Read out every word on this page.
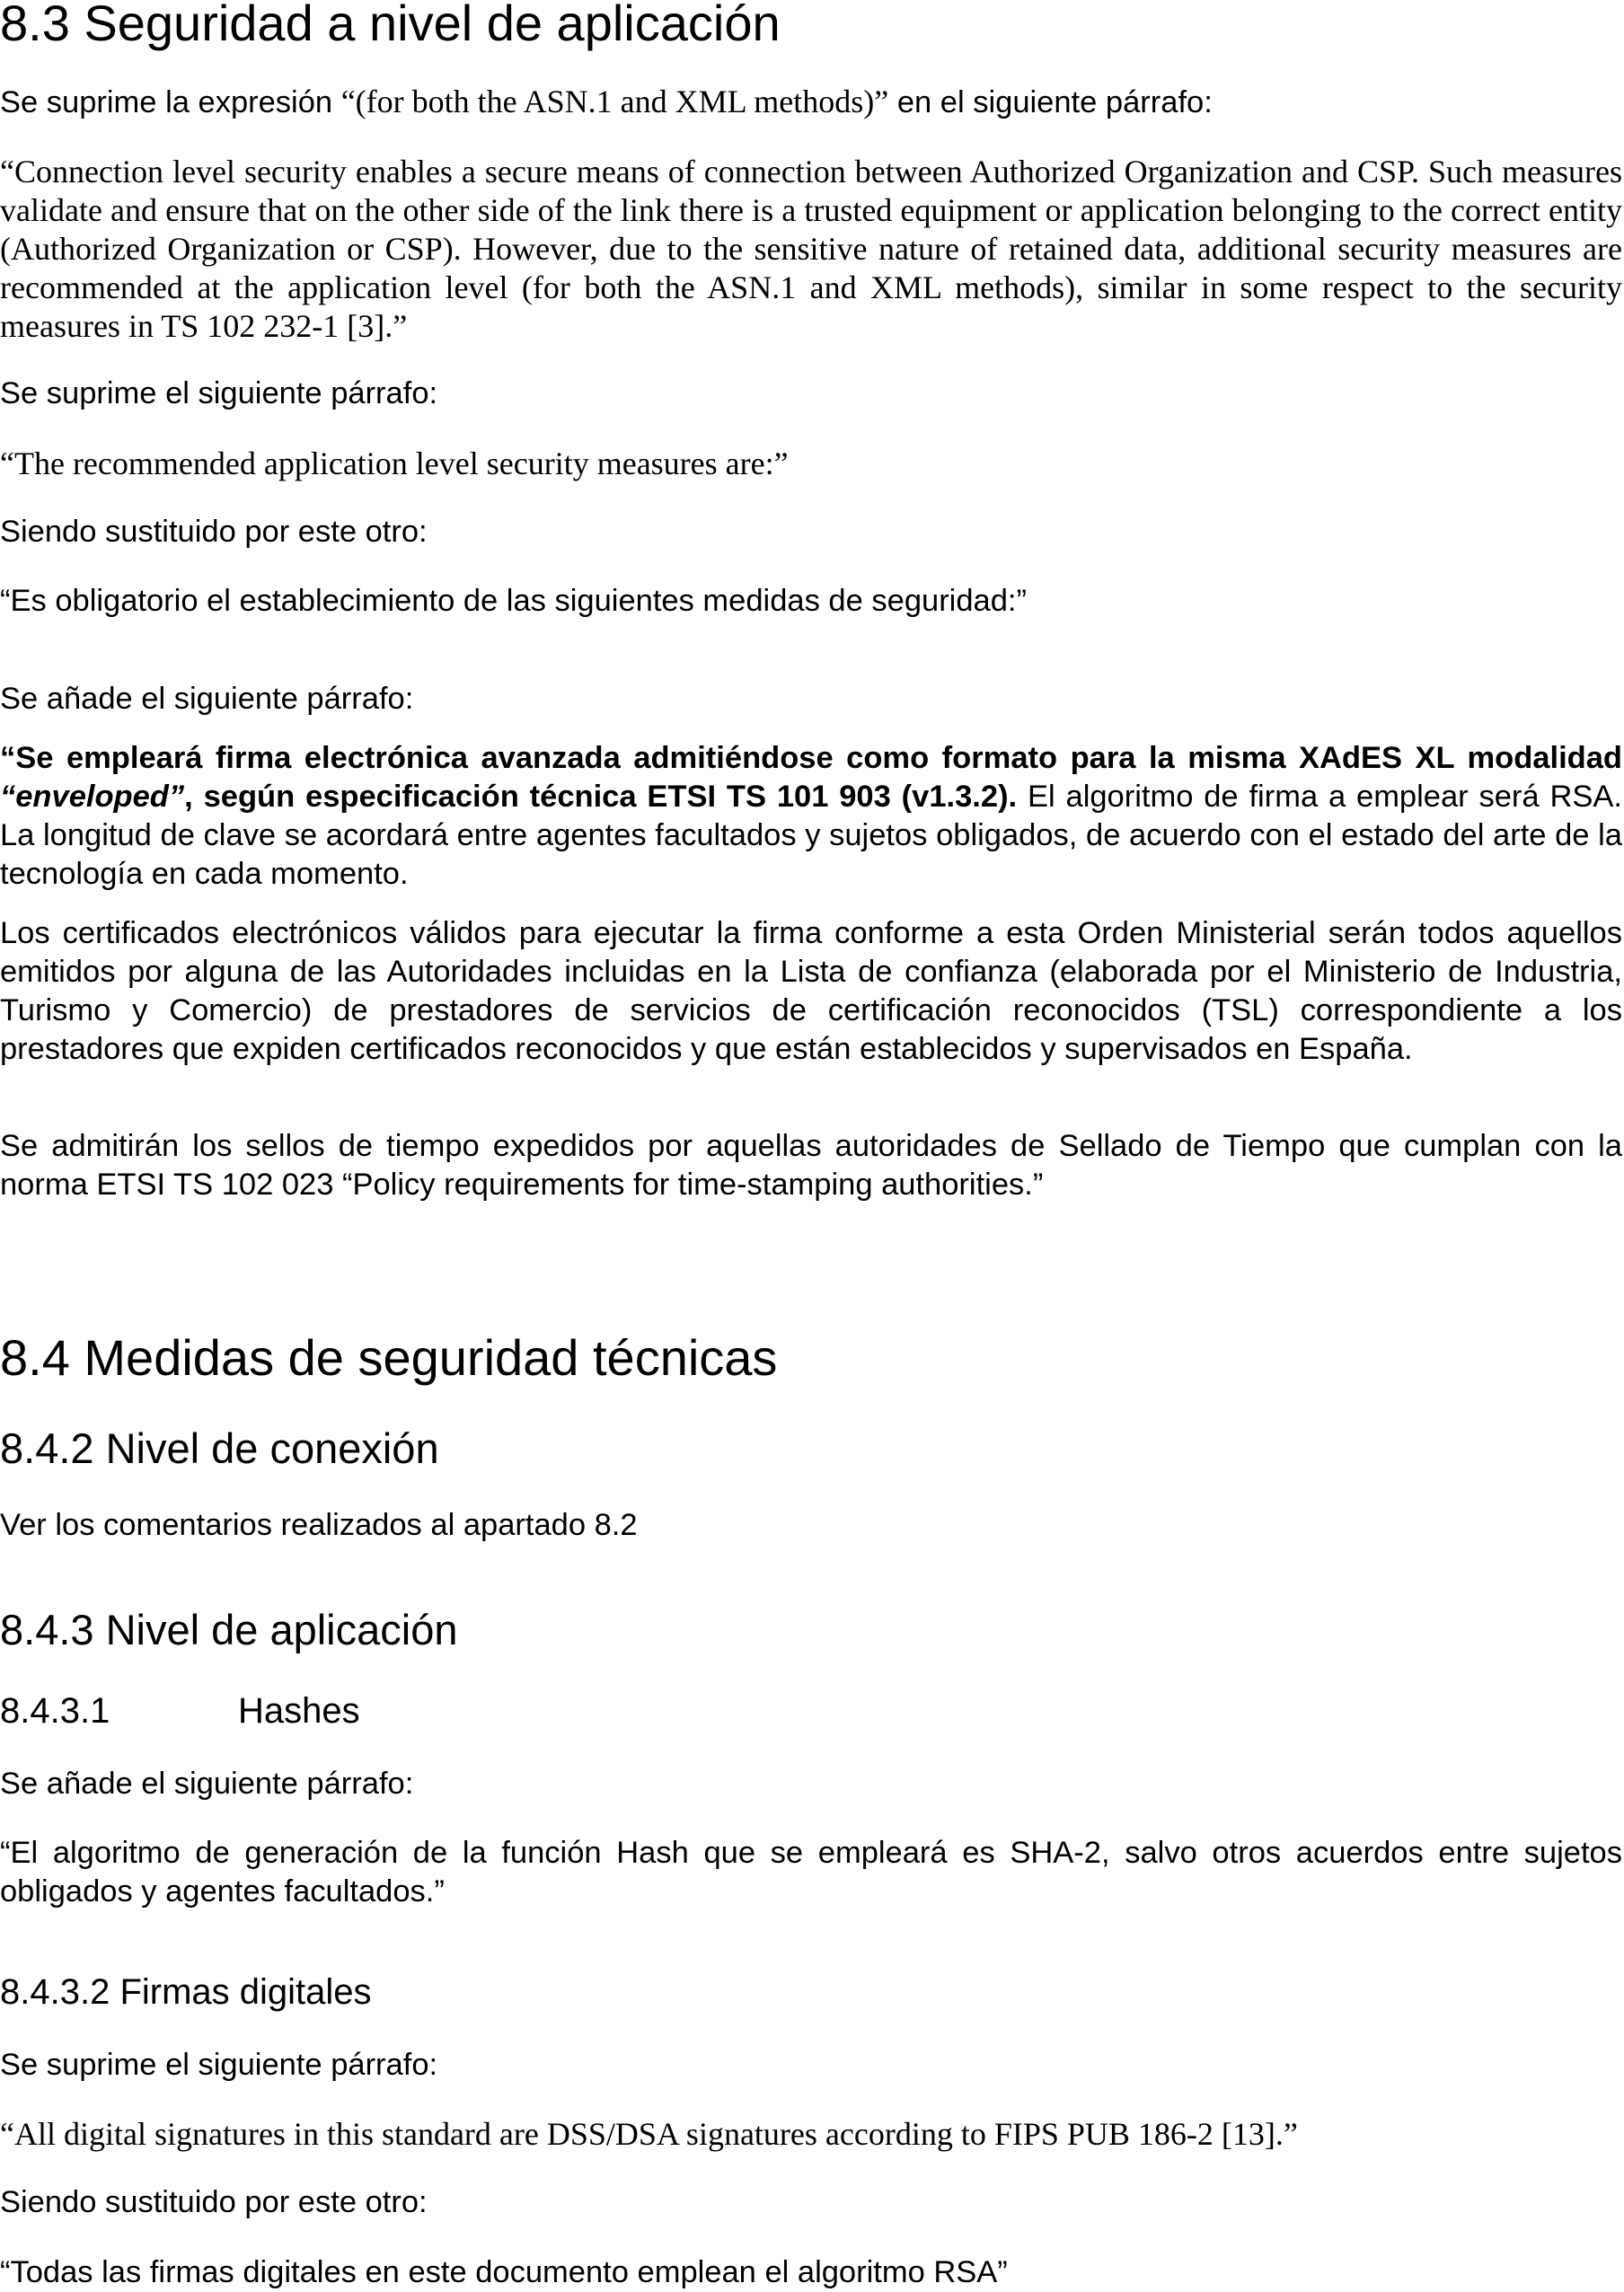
8.3 Seguridad a nivel de aplicación

Se suprime la expresión “(for both the ASN.1 and XML methods)” en el siguiente párrafo:

“Connection level security enables a secure means of connection between Authorized Organization and CSP. Such measures validate and ensure that on the other side of the link there is a trusted equipment or application belonging to the correct entity (Authorized Organization or CSP). However, due to the sensitive nature of retained data, additional security measures are recommended at the application level (for both the ASN.1 and XML methods), similar in some respect to the security measures in TS 102 232-1 [3].”

Se suprime el siguiente párrafo:

“The recommended application level security measures are:”

Siendo sustituido por este otro:

“Es obligatorio el establecimiento de las siguientes medidas de seguridad:”

Se añade el siguiente párrafo:

“Se empleará firma electrónica avanzada admitiéndose como formato para la misma XAdES XL modalidad “enveloped”, según especificación técnica ETSI TS 101 903 (v1.3.2). El algoritmo de firma a emplear será RSA. La longitud de clave se acordará entre agentes facultados y sujetos obligados, de acuerdo con el estado del arte de la tecnología en cada momento.

Los certificados electrónicos válidos para ejecutar la firma conforme a esta Orden Ministerial serán todos aquellos emitidos por alguna de las Autoridades incluidas en la Lista de confianza (elaborada por el Ministerio de Industria, Turismo y Comercio) de prestadores de servicios de certificación reconocidos (TSL) correspondiente a los prestadores que expiden certificados reconocidos y que están establecidos y supervisados en España.

Se admitirán los sellos de tiempo expedidos por aquellas autoridades de Sellado de Tiempo que cumplan con la norma ETSI TS 102 023 “Policy requirements for time-stamping authorities.”

8.4 Medidas de seguridad técnicas
8.4.2 Nivel de conexión

Ver los comentarios realizados al apartado 8.2

8.4.3 Nivel de aplicación
8.4.3.1	Hashes

Se añade el siguiente párrafo:

“El algoritmo de generación de la función Hash que se empleará es SHA-2, salvo otros acuerdos entre sujetos obligados y agentes facultados.”

8.4.3.2 Firmas digitales

Se suprime el siguiente párrafo:

“All digital signatures in this standard are DSS/DSA signatures according to FIPS PUB 186-2 [13].”

Siendo sustituido por este otro:

“Todas las firmas digitales en este documento emplean el algoritmo RSA”
